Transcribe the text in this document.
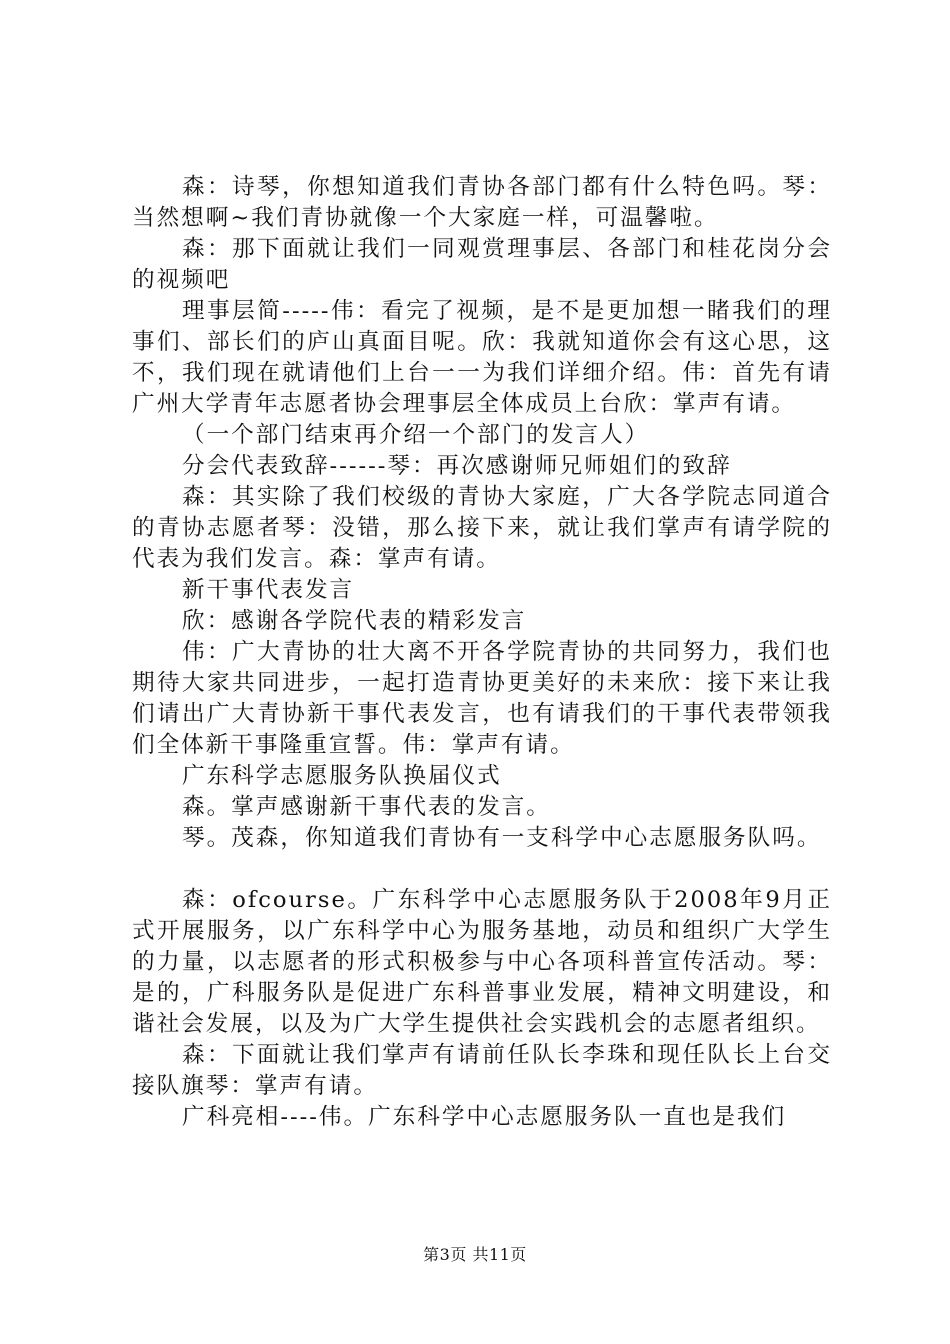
森：诗琴，你想知道我们青协各部门都有什么特色吗。琴：当然想啊~我们青协就像一个大家庭一样，可温馨啦。

森：那下面就让我们一同观赏理事层、各部门和桂花岗分会的视频吧

理事层简-----伟：看完了视频，是不是更加想一睹我们的理事们、部长们的庐山真面目呢。欣：我就知道你会有这心思，这不，我们现在就请他们上台一一为我们详细介绍。伟：首先有请广州大学青年志愿者协会理事层全体成员上台欣：掌声有请。

（一个部门结束再介绍一个部门的发言人）

分会代表致辞------琴：再次感谢师兄师姐们的致辞

森：其实除了我们校级的青协大家庭，广大各学院志同道合的青协志愿者琴：没错，那么接下来，就让我们掌声有请学院的代表为我们发言。森：掌声有请。

新干事代表发言

欣：感谢各学院代表的精彩发言

伟：广大青协的壮大离不开各学院青协的共同努力，我们也期待大家共同进步，一起打造青协更美好的未来欣：接下来让我们请出广大青协新干事代表发言，也有请我们的干事代表带领我们全体新干事隆重宣誓。伟：掌声有请。

广东科学志愿服务队换届仪式

森。掌声感谢新干事代表的发言。

琴。茂森，你知道我们青协有一支科学中心志愿服务队吗。

森：ofcourse。广东科学中心志愿服务队于2008年9月正式开展服务，以广东科学中心为服务基地，动员和组织广大学生的力量，以志愿者的形式积极参与中心各项科普宣传活动。琴：是的，广科服务队是促进广东科普事业发展，精神文明建设，和谐社会发展，以及为广大学生提供社会实践机会的志愿者组织。

森：下面就让我们掌声有请前任队长李珠和现任队长上台交接队旗琴：掌声有请。

广科亮相----伟。广东科学中心志愿服务队一直也是我们

第3页 共11页
